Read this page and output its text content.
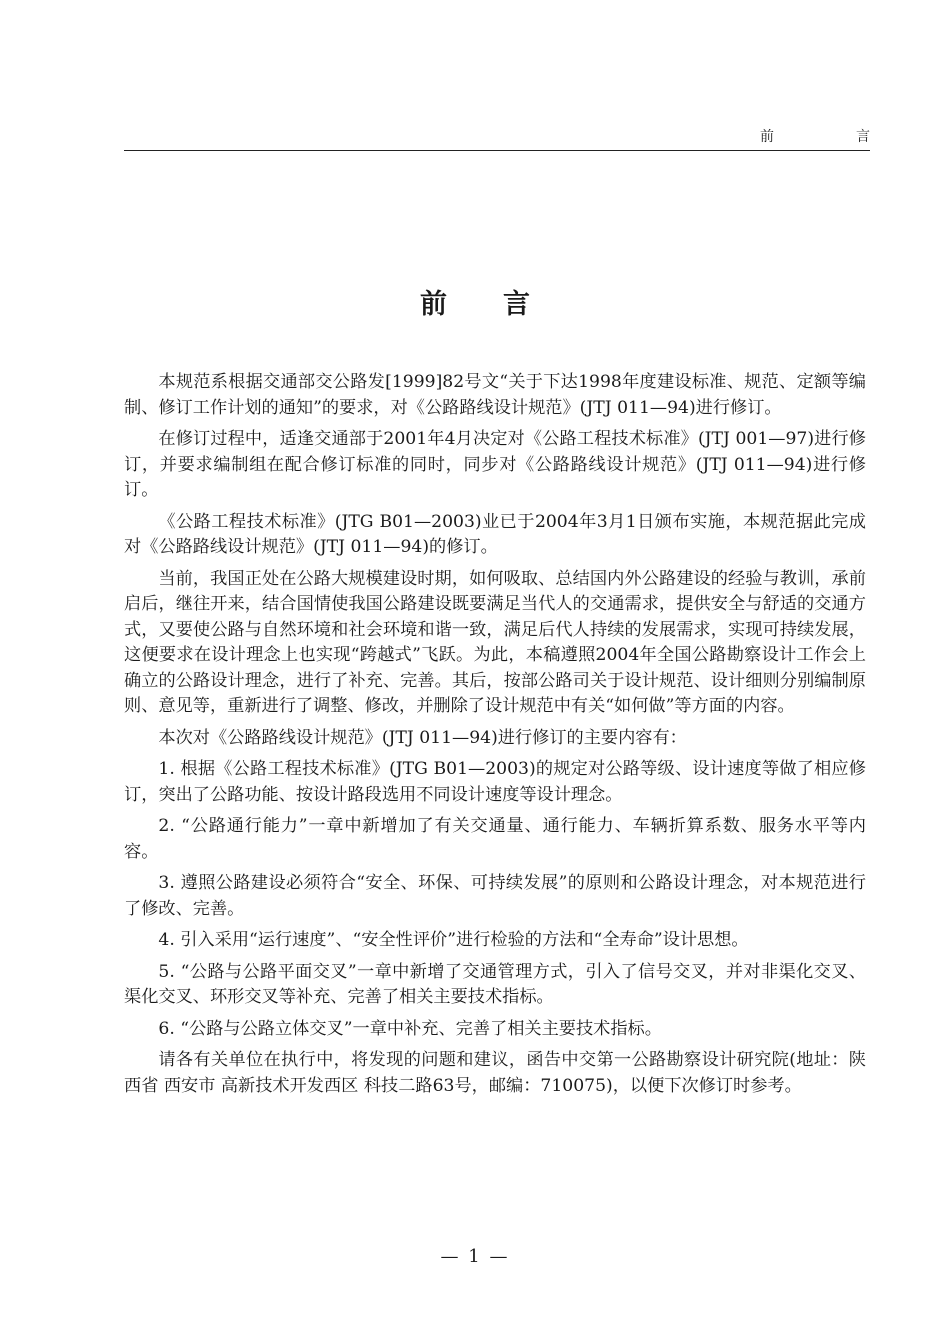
前	言
前言

本规范系根据交通部交公路发[1999]82号文“关于下达1998年度建设标准、规范、定额等编制、修订工作计划的通知”的要求，对《公路路线设计规范》(JTJ 011—94)进行修订。

在修订过程中，适逢交通部于2001年4月决定对《公路工程技术标准》(JTJ 001—97)进行修订，并要求编制组在配合修订标准的同时，同步对《公路路线设计规范》(JTJ 011—94)进行修订。

《公路工程技术标准》(JTG B01—2003)业已于2004年3月1日颁布实施，本规范据此完成对《公路路线设计规范》(JTJ 011—94)的修订。

当前，我国正处在公路大规模建设时期，如何吸取、总结国内外公路建设的经验与教训，承前启后，继往开来，结合国情使我国公路建设既要满足当代人的交通需求，提供安全与舒适的交通方式，又要使公路与自然环境和社会环境和谐一致，满足后代人持续的发展需求，实现可持续发展，这便要求在设计理念上也实现“跨越式”飞跃。为此，本稿遵照2004年全国公路勘察设计工作会上确立的公路设计理念，进行了补充、完善。其后，按部公路司关于设计规范、设计细则分别编制原则、意见等，重新进行了调整、修改，并删除了设计规范中有关“如何做”等方面的内容。

本次对《公路路线设计规范》(JTJ 011—94)进行修订的主要内容有：

1. 根据《公路工程技术标准》(JTG B01—2003)的规定对公路等级、设计速度等做了相应修订，突出了公路功能、按设计路段选用不同设计速度等设计理念。

2. “公路通行能力”一章中新增加了有关交通量、通行能力、车辆折算系数、服务水平等内容。

3. 遵照公路建设必须符合“安全、环保、可持续发展”的原则和公路设计理念，对本规范进行了修改、完善。

4. 引入采用“运行速度”、“安全性评价”进行检验的方法和“全寿命”设计思想。

5. “公路与公路平面交叉”一章中新增了交通管理方式，引入了信号交叉，并对非渠化交叉、渠化交叉、环形交叉等补充、完善了相关主要技术指标。

6. “公路与公路立体交叉”一章中补充、完善了相关主要技术指标。

请各有关单位在执行中，将发现的问题和建议，函告中交第一公路勘察设计研究院(地址：陕西省 西安市 高新技术开发西区 科技二路63号，邮编：710075)，以便下次修订时参考。

— 1 —
